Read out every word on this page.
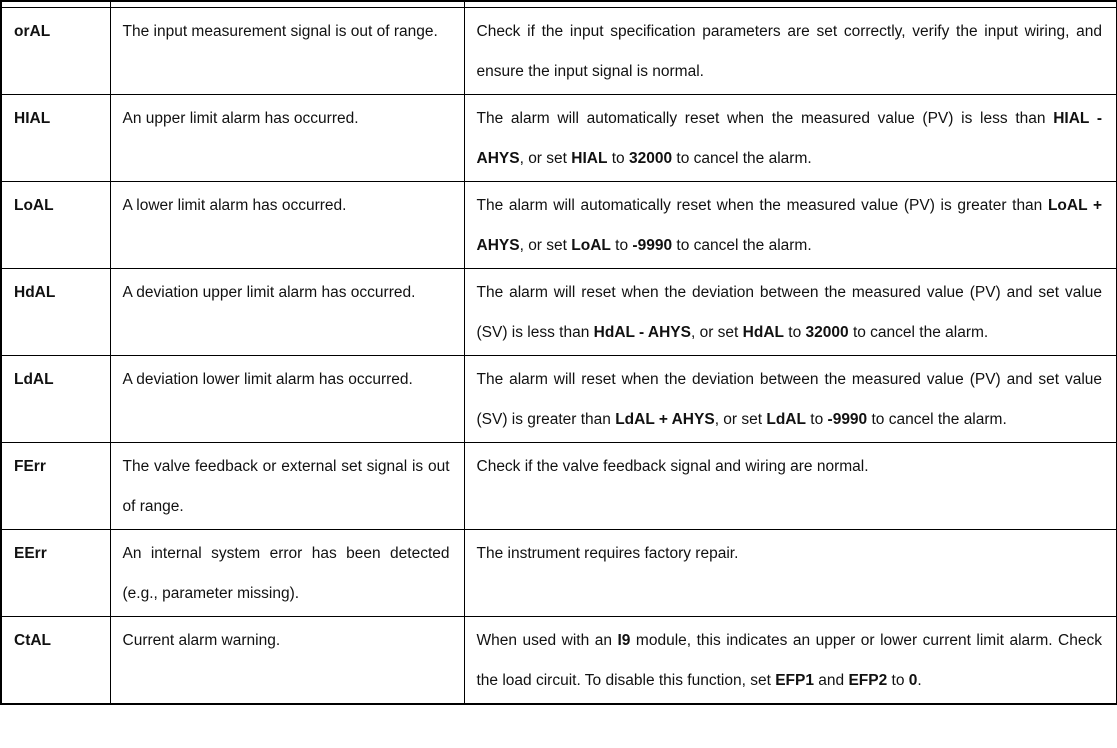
orAL	The input measurement signal is out of range.	Check if the input specification parameters are set correctly, verify the input wiring, and ensure the input signal is normal.
HIAL	An upper limit alarm has occurred.	The alarm will automatically reset when the measured value (PV) is less than HIAL - AHYS, or set HIAL to 32000 to cancel the alarm.
LoAL	A lower limit alarm has occurred.	The alarm will automatically reset when the measured value (PV) is greater than LoAL + AHYS, or set LoAL to -9990 to cancel the alarm.
HdAL	A deviation upper limit alarm has occurred.	The alarm will reset when the deviation between the measured value (PV) and set value (SV) is less than HdAL - AHYS, or set HdAL to 32000 to cancel the alarm.
LdAL	A deviation lower limit alarm has occurred.	The alarm will reset when the deviation between the measured value (PV) and set value (SV) is greater than LdAL + AHYS, or set LdAL to -9990 to cancel the alarm.
FErr	The valve feedback or external set signal is out of range.	Check if the valve feedback signal and wiring are normal.
EErr	An internal system error has been detected (e.g., parameter missing).	The instrument requires factory repair.
CtAL	Current alarm warning.	When used with an I9 module, this indicates an upper or lower current limit alarm. Check the load circuit. To disable this function, set EFP1 and EFP2 to 0.
